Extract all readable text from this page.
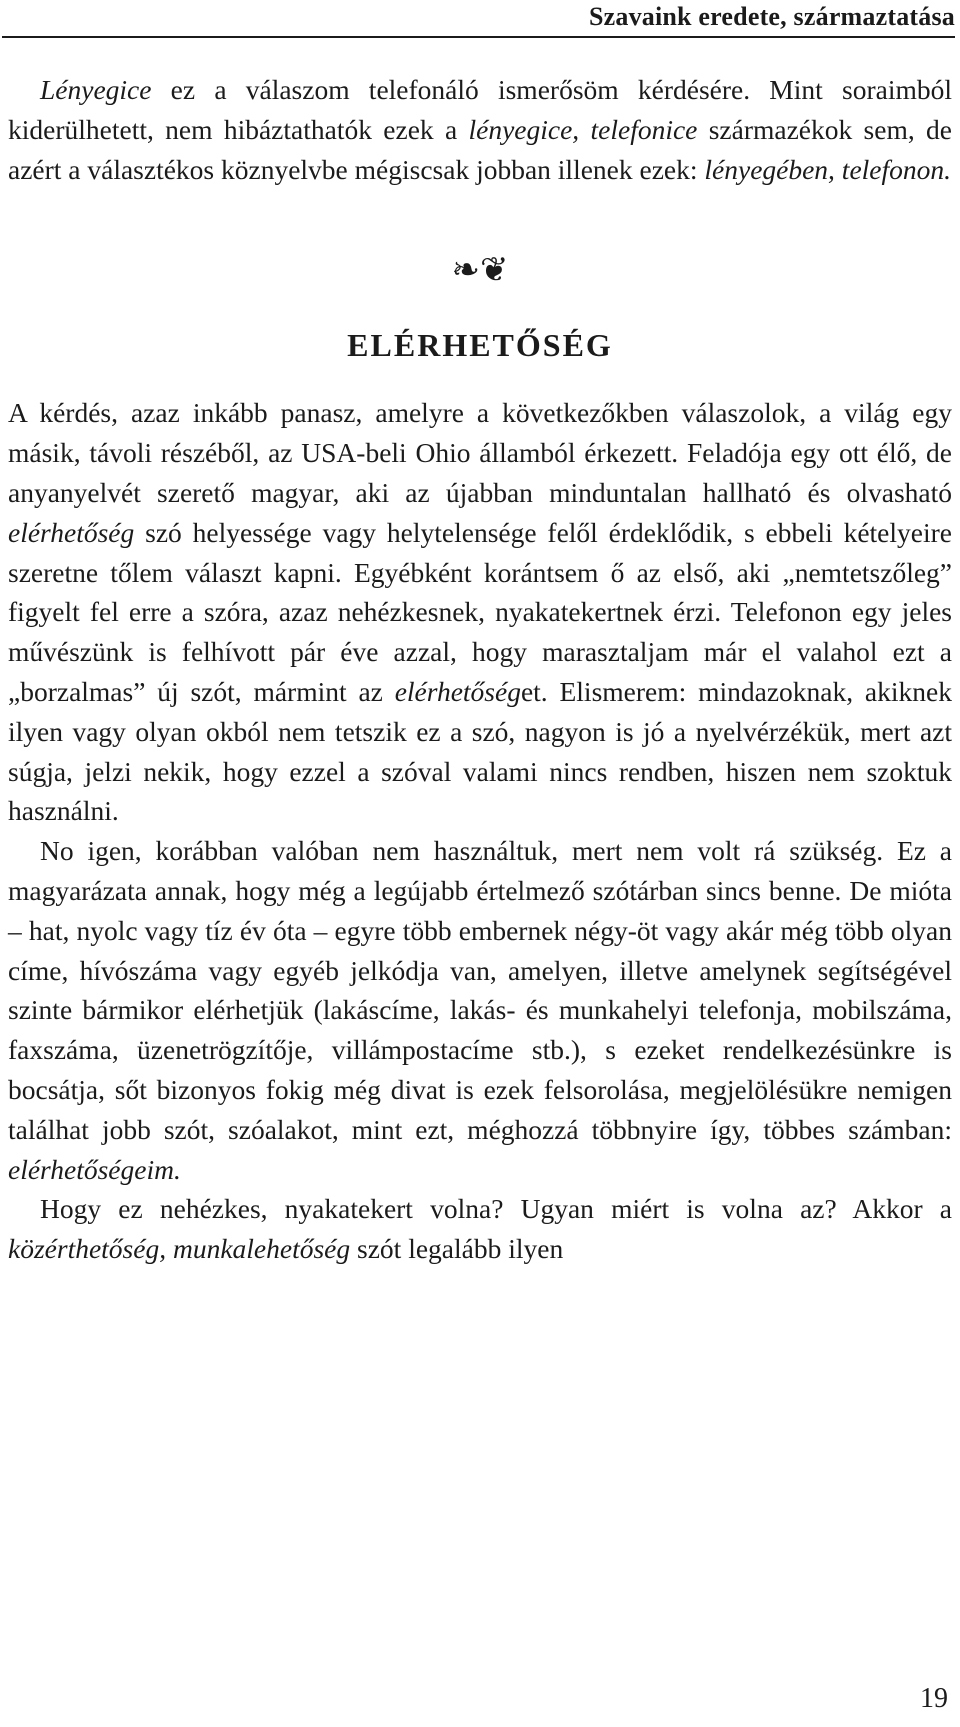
Szavaink eredete, származtatása

Lényegice ez a válaszom telefonáló ismerősöm kérdésére. Mint soraimból kiderülhetett, nem hibáztathatók ezek a lényegice, telefonice származékok sem, de azért a választékos köznyelvbe mégiscsak jobban illenek ezek: lényegében, telefonon.

❧❦
ELÉRHETŐSÉG

A kérdés, azaz inkább panasz, amelyre a következőkben válaszolok, a világ egy másik, távoli részéből, az USA-beli Ohio államból érkezett. Feladója egy ott élő, de anyanyelvét szerető magyar, aki az újabban minduntalan hallható és olvasható elérhetőség szó helyessége vagy helytelensége felől érdeklődik, s ebbeli kételyeire szeretne tőlem választ kapni. Egyébként korántsem ő az első, aki „nemtetszőleg” figyelt fel erre a szóra, azaz nehézkesnek, nyakatekertnek érzi. Telefonon egy jeles művészünk is felhívott pár éve azzal, hogy marasztaljam már el valahol ezt a „borzalmas” új szót, mármint az elérhetőséget. Elismerem: mindazoknak, akiknek ilyen vagy olyan okból nem tetszik ez a szó, nagyon is jó a nyelvérzékük, mert azt súgja, jelzi nekik, hogy ezzel a szóval valami nincs rendben, hiszen nem szoktuk használni.

No igen, korábban valóban nem használtuk, mert nem volt rá szükség. Ez a magyarázata annak, hogy még a legújabb értelmező szótárban sincs benne. De mióta – hat, nyolc vagy tíz év óta – egyre több embernek négy-öt vagy akár még több olyan címe, hívószáma vagy egyéb jelkódja van, amelyen, illetve amelynek segítségével szinte bármikor elérhetjük (lakáscíme, lakás- és munkahelyi telefonja, mobilszáma, faxszáma, üzenetrögzítője, villámpostacíme stb.), s ezeket rendelkezésünkre is bocsátja, sőt bizonyos fokig még divat is ezek felsorolása, megjelölésükre nemigen találhat jobb szót, szóalakot, mint ezt, méghozzá többnyire így, többes számban: elérhetőségeim.

Hogy ez nehézkes, nyakatekert volna? Ugyan miért is volna az? Akkor a közérthetőség, munkalehetőség szót legalább ilyen

19
